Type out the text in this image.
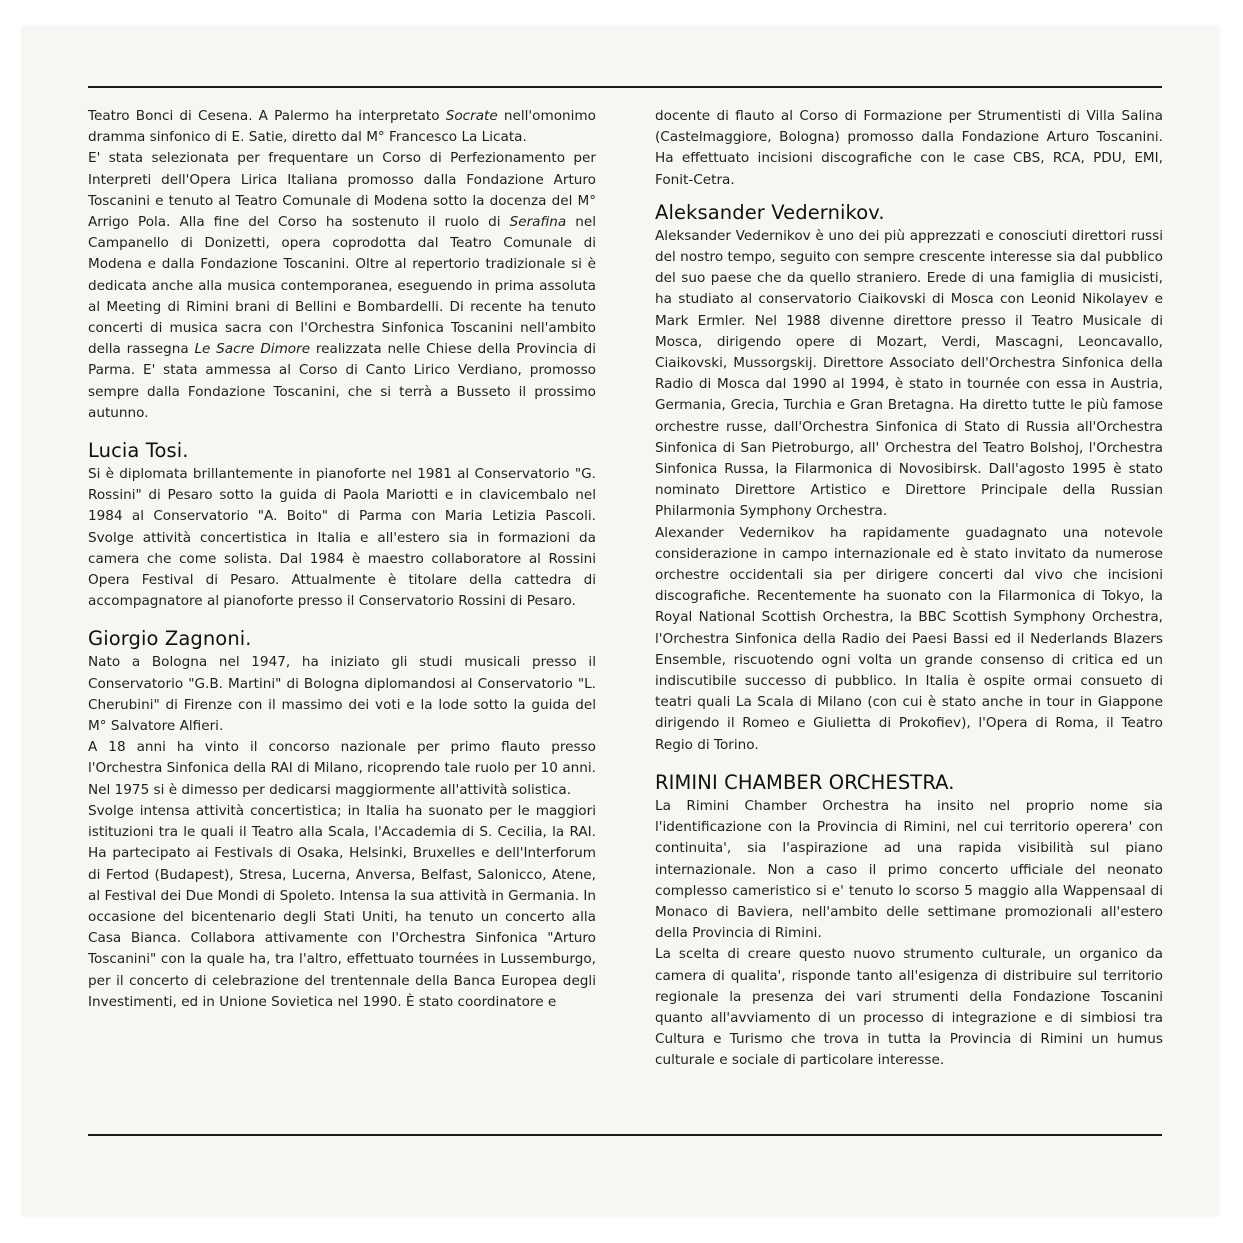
Teatro Bonci di Cesena. A Palermo ha interpretato Socrate nell'omonimo dramma sinfonico di E. Satie, diretto dal M° Francesco La Licata.

E' stata selezionata per frequentare un Corso di Perfezionamento per Interpreti dell'Opera Lirica Italiana promosso dalla Fondazione Arturo Toscanini e tenuto al Teatro Comunale di Modena sotto la docenza del M° Arrigo Pola. Alla fine del Corso ha sostenuto il ruolo di Serafina nel Campanello di Donizetti, opera coprodotta dal Teatro Comunale di Modena e dalla Fondazione Toscanini. Oltre al repertorio tradizionale si è dedicata anche alla musica contemporanea, eseguendo in prima assoluta al Meeting di Rimini brani di Bellini e Bombardelli. Di recente ha tenuto concerti di musica sacra con l'Orchestra Sinfonica Toscanini nell'ambito della rassegna Le Sacre Dimore realizzata nelle Chiese della Provincia di Parma. E' stata ammessa al Corso di Canto Lirico Verdiano, promosso sempre dalla Fondazione Toscanini, che si terrà a Busseto il prossimo autunno.

Lucia Tosi.

Si è diplomata brillantemente in pianoforte nel 1981 al Conservatorio "G. Rossini" di Pesaro sotto la guida di Paola Mariotti e in clavicembalo nel 1984 al Conservatorio "A. Boito" di Parma con Maria Letizia Pascoli. Svolge attività concertistica in Italia e all'estero sia in formazioni da camera che come solista. Dal 1984 è maestro collaboratore al Rossini Opera Festival di Pesaro. Attualmente è titolare della cattedra di accompagnatore al pianoforte presso il Conservatorio Rossini di Pesaro.

Giorgio Zagnoni.

Nato a Bologna nel 1947, ha iniziato gli studi musicali presso il Conservatorio "G.B. Martini" di Bologna diplomandosi al Conservatorio "L. Cherubini" di Firenze con il massimo dei voti e la lode sotto la guida del M° Salvatore Alfieri.

A 18 anni ha vinto il concorso nazionale per primo flauto presso l'Orchestra Sinfonica della RAI di Milano, ricoprendo tale ruolo per 10 anni. Nel 1975 si è dimesso per dedicarsi maggiormente all'attività solistica.

Svolge intensa attività concertistica; in Italia ha suonato per le maggiori istituzioni tra le quali il Teatro alla Scala, l'Accademia di S. Cecilia, la RAI. Ha partecipato ai Festivals di Osaka, Helsinki, Bruxelles e dell'Interforum di Fertod (Budapest), Stresa, Lucerna, Anversa, Belfast, Salonicco, Atene, al Festival dei Due Mondi di Spoleto. Intensa la sua attività in Germania. In occasione del bicentenario degli Stati Uniti, ha tenuto un concerto alla Casa Bianca. Collabora attivamente con l'Orchestra Sinfonica "Arturo Toscanini" con la quale ha, tra l'altro, effettuato tournées in Lussemburgo, per il concerto di celebrazione del trentennale della Banca Europea degli Investimenti, ed in Unione Sovietica nel 1990. È stato coordinatore e

docente di flauto al Corso di Formazione per Strumentisti di Villa Salina (Castelmaggiore, Bologna) promosso dalla Fondazione Arturo Toscanini. Ha effettuato incisioni discografiche con le case CBS, RCA, PDU, EMI, Fonit-Cetra.

Aleksander Vedernikov.

Aleksander Vedernikov è uno dei più apprezzati e conosciuti direttori russi del nostro tempo, seguito con sempre crescente interesse sia dal pubblico del suo paese che da quello straniero. Erede di una famiglia di musicisti, ha studiato al conservatorio Ciaikovski di Mosca con Leonid Nikolayev e Mark Ermler. Nel 1988 divenne direttore presso il Teatro Musicale di Mosca, dirigendo opere di Mozart, Verdi, Mascagni, Leoncavallo, Ciaikovski, Mussorgskij. Direttore Associato dell'Orchestra Sinfonica della Radio di Mosca dal 1990 al 1994, è stato in tournée con essa in Austria, Germania, Grecia, Turchia e Gran Bretagna. Ha diretto tutte le più famose orchestre russe, dall'Orchestra Sinfonica di Stato di Russia all'Orchestra Sinfonica di San Pietroburgo, all' Orchestra del Teatro Bolshoj, l'Orchestra Sinfonica Russa, la Filarmonica di Novosibirsk. Dall'agosto 1995 è stato nominato Direttore Artistico e Direttore Principale della Russian Philarmonia Symphony Orchestra.

Alexander Vedernikov ha rapidamente guadagnato una notevole considerazione in campo internazionale ed è stato invitato da numerose orchestre occidentali sia per dirigere concerti dal vivo che incisioni discografiche. Recentemente ha suonato con la Filarmonica di Tokyo, la Royal National Scottish Orchestra, la BBC Scottish Symphony Orchestra, l'Orchestra Sinfonica della Radio dei Paesi Bassi ed il Nederlands Blazers Ensemble, riscuotendo ogni volta un grande consenso di critica ed un indiscutibile successo di pubblico. In Italia è ospite ormai consueto di teatri quali La Scala di Milano (con cui è stato anche in tour in Giappone dirigendo il Romeo e Giulietta di Prokofiev), l'Opera di Roma, il Teatro Regio di Torino.

RIMINI CHAMBER ORCHESTRA.

La Rimini Chamber Orchestra ha insito nel proprio nome sia l'identificazione con la Provincia di Rimini, nel cui territorio operera' con continuita', sia l'aspirazione ad una rapida visibilità sul piano internazionale. Non a caso il primo concerto ufficiale del neonato complesso cameristico si e' tenuto lo scorso 5 maggio alla Wappensaal di Monaco di Baviera, nell'ambito delle settimane promozionali all'estero della Provincia di Rimini.

La scelta di creare questo nuovo strumento culturale, un organico da camera di qualita', risponde tanto all'esigenza di distribuire sul territorio regionale la presenza dei vari strumenti della Fondazione Toscanini quanto all'avviamento di un processo di integrazione e di simbiosi tra Cultura e Turismo che trova in tutta la Provincia di Rimini un humus culturale e sociale di particolare interesse.
